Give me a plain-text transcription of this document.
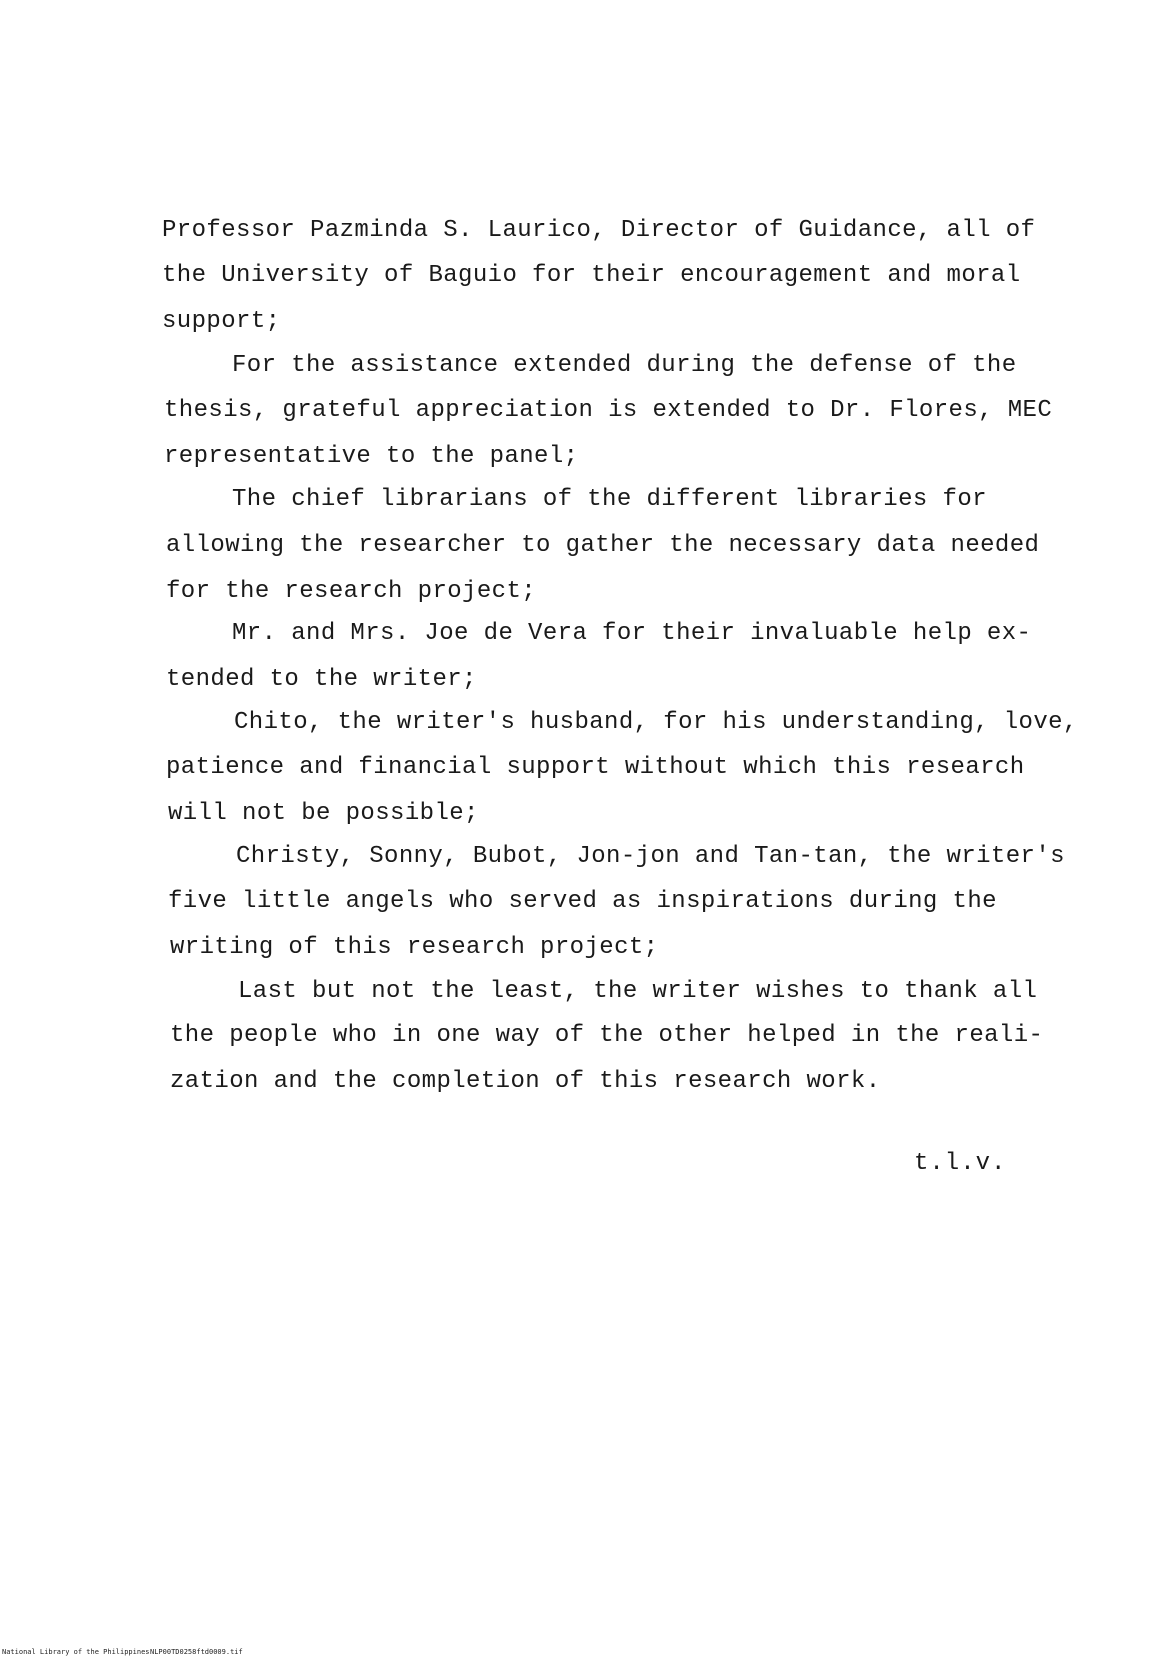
Professor Pazminda S. Laurico, Director of Guidance, all of
the University of Baguio for their encouragement and moral
support;
For the assistance extended during the defense of the
thesis, grateful appreciation is extended to Dr. Flores, MEC
representative to the panel;
The chief librarians of the different libraries for
allowing the researcher to gather the necessary data needed
for the research project;
Mr. and Mrs. Joe de Vera for their invaluable help ex-
tended to the writer;
Chito, the writer's husband, for his understanding, love,
patience and financial support without which this research
will not be possible;
Christy, Sonny, Bubot, Jon-jon and Tan-tan, the writer's
five little angels who served as inspirations during the
writing of this research project;
Last but not the least, the writer wishes to thank all
the people who in one way of the other helped in the reali-
zation and the completion of this research work.
t.l.v.
National Library of the Philippines NLP00TD0258ftd0009.tif
